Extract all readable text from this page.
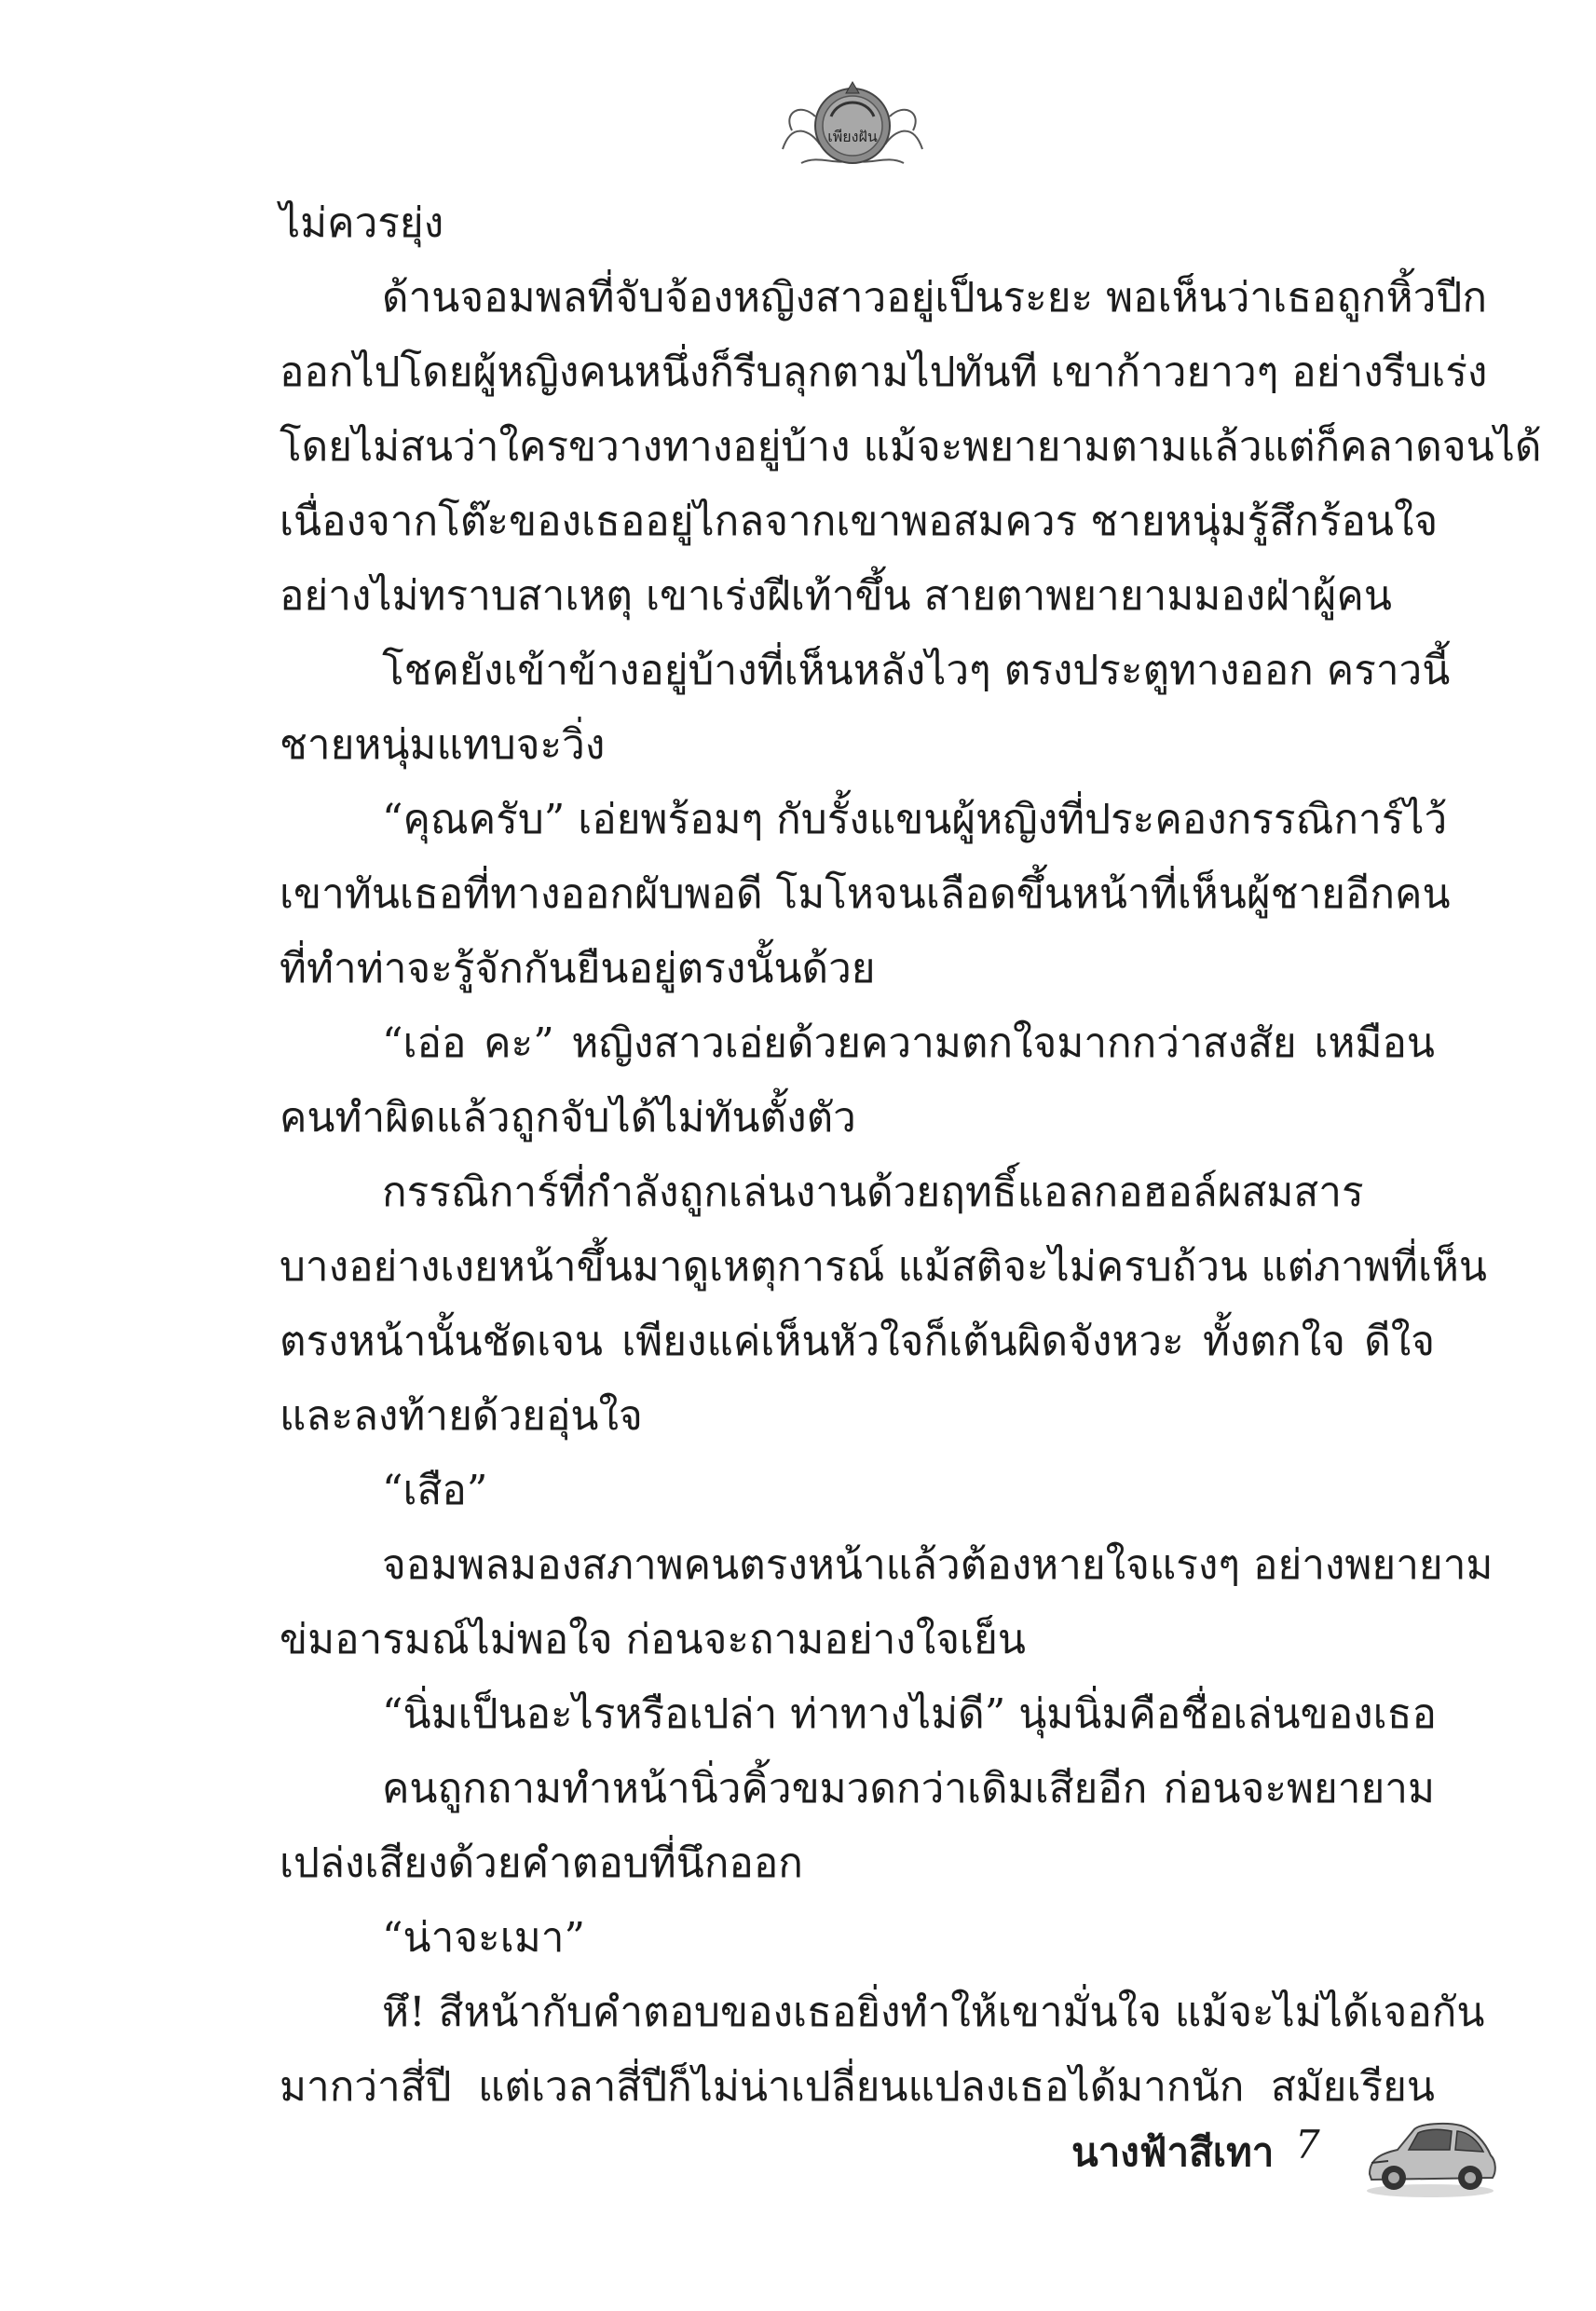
เพียงฝัน
ไม่ควรยุ่ง
ด้านจอมพลที่จับจ้องหญิงสาวอยู่เป็นระยะ พอเห็นว่าเธอถูกหิ้วปีก
ออกไปโดยผู้หญิงคนหนึ่งก็รีบลุกตามไปทันที เขาก้าวยาวๆ อย่างรีบเร่ง
โดยไม่สนว่าใครขวางทางอยู่บ้าง แม้จะพยายามตามแล้วแต่ก็คลาดจนได้
เนื่องจากโต๊ะของเธออยู่ไกลจากเขาพอสมควร ชายหนุ่มรู้สึกร้อนใจ
อย่างไม่ทราบสาเหตุ เขาเร่งฝีเท้าขึ้น สายตาพยายามมองฝ่าผู้คน
โชคยังเข้าข้างอยู่บ้างที่เห็นหลังไวๆ ตรงประตูทางออก คราวนี้
ชายหนุ่มแทบจะวิ่ง
“คุณครับ” เอ่ยพร้อมๆ กับรั้งแขนผู้หญิงที่ประคองกรรณิการ์ไว้
เขาทันเธอที่ทางออกผับพอดี โมโหจนเลือดขึ้นหน้าที่เห็นผู้ชายอีกคน
ที่ทำท่าจะรู้จักกันยืนอยู่ตรงนั้นด้วย
“เอ่อ คะ” หญิงสาวเอ่ยด้วยความตกใจมากกว่าสงสัย เหมือน
คนทำผิดแล้วถูกจับได้ไม่ทันตั้งตัว
กรรณิการ์ที่กำลังถูกเล่นงานด้วยฤทธิ์แอลกอฮอล์ผสมสาร
บางอย่างเงยหน้าขึ้นมาดูเหตุการณ์ แม้สติจะไม่ครบถ้วน แต่ภาพที่เห็น
ตรงหน้านั้นชัดเจน เพียงแค่เห็นหัวใจก็เต้นผิดจังหวะ ทั้งตกใจ ดีใจ
และลงท้ายด้วยอุ่นใจ
“เสือ”
จอมพลมองสภาพคนตรงหน้าแล้วต้องหายใจแรงๆ อย่างพยายาม
ข่มอารมณ์ไม่พอใจ ก่อนจะถามอย่างใจเย็น
“นิ่มเป็นอะไรหรือเปล่า ท่าทางไม่ดี” นุ่มนิ่มคือชื่อเล่นของเธอ
คนถูกถามทำหน้านิ่วคิ้วขมวดกว่าเดิมเสียอีก ก่อนจะพยายาม
เปล่งเสียงด้วยคำตอบที่นึกออก
“น่าจะเมา”
หึ! สีหน้ากับคำตอบของเธอยิ่งทำให้เขามั่นใจ แม้จะไม่ได้เจอกัน
มากว่าสี่ปี แต่เวลาสี่ปีก็ไม่น่าเปลี่ยนแปลงเธอได้มากนัก สมัยเรียน
นางฟ้าสีเทา 7
